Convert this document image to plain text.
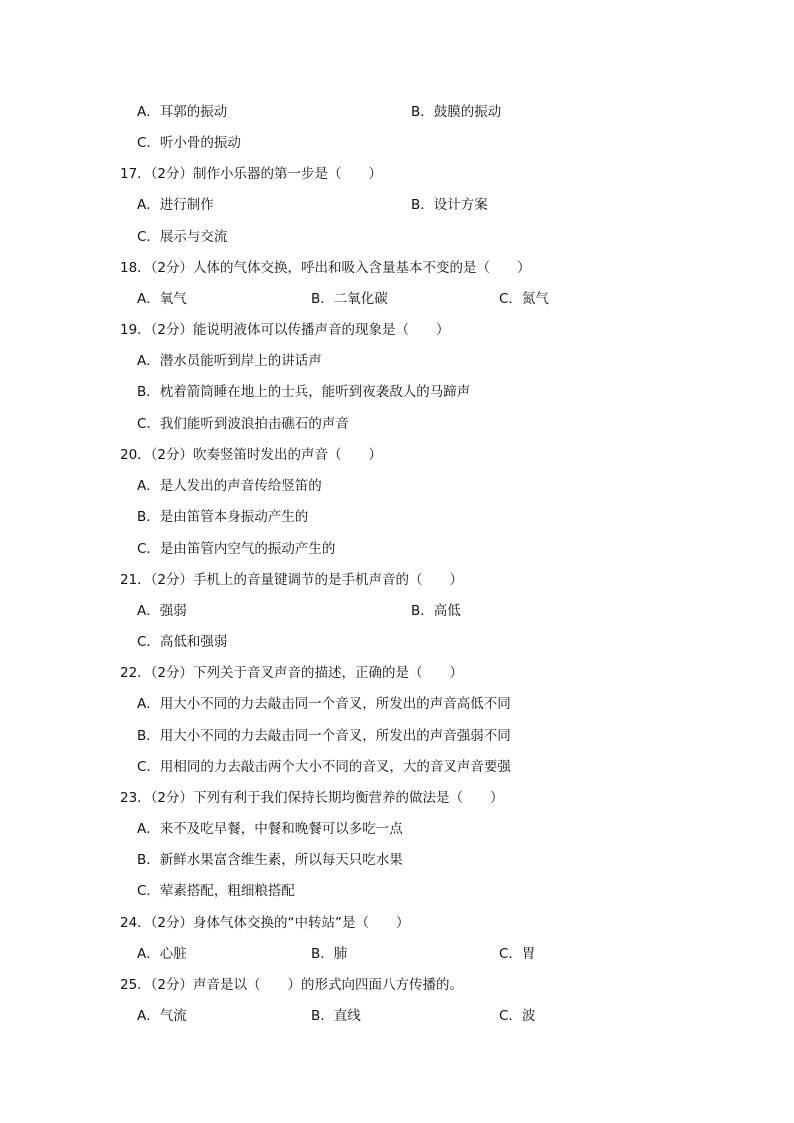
A．耳郭的振动	B．鼓膜的振动
C．听小骨的振动
17．（2分）制作小乐器的第一步是（　　）
A．进行制作	B．设计方案
C．展示与交流
18．（2分）人体的气体交换，呼出和吸入含量基本不变的是（　　）
A．氧气	B．二氧化碳	C．氮气
19．（2分）能说明液体可以传播声音的现象是（　　）
A．潜水员能听到岸上的讲话声
B．枕着箭筒睡在地上的士兵，能听到夜袭敌人的马蹄声
C．我们能听到波浪拍击礁石的声音
20．（2分）吹奏竖笛时发出的声音（　　）
A．是人发出的声音传给竖笛的
B．是由笛管本身振动产生的
C．是由笛管内空气的振动产生的
21．（2分）手机上的音量键调节的是手机声音的（　　）
A．强弱	B．高低
C．高低和强弱
22．（2分）下列关于音叉声音的描述，正确的是（　　）
A．用大小不同的力去敲击同一个音叉，所发出的声音高低不同
B．用大小不同的力去敲击同一个音叉，所发出的声音强弱不同
C．用相同的力去敲击两个大小不同的音叉，大的音叉声音要强
23．（2分）下列有利于我们保持长期均衡营养的做法是（　　）
A．来不及吃早餐，中餐和晚餐可以多吃一点
B．新鲜水果富含维生素，所以每天只吃水果
C．荤素搭配，粗细粮搭配
24．（2分）身体气体交换的“中转站”是（　　）
A．心脏	B．肺	C．胃
25．（2分）声音是以（　　）的形式向四面八方传播的。
A．气流	B．直线	C．波
